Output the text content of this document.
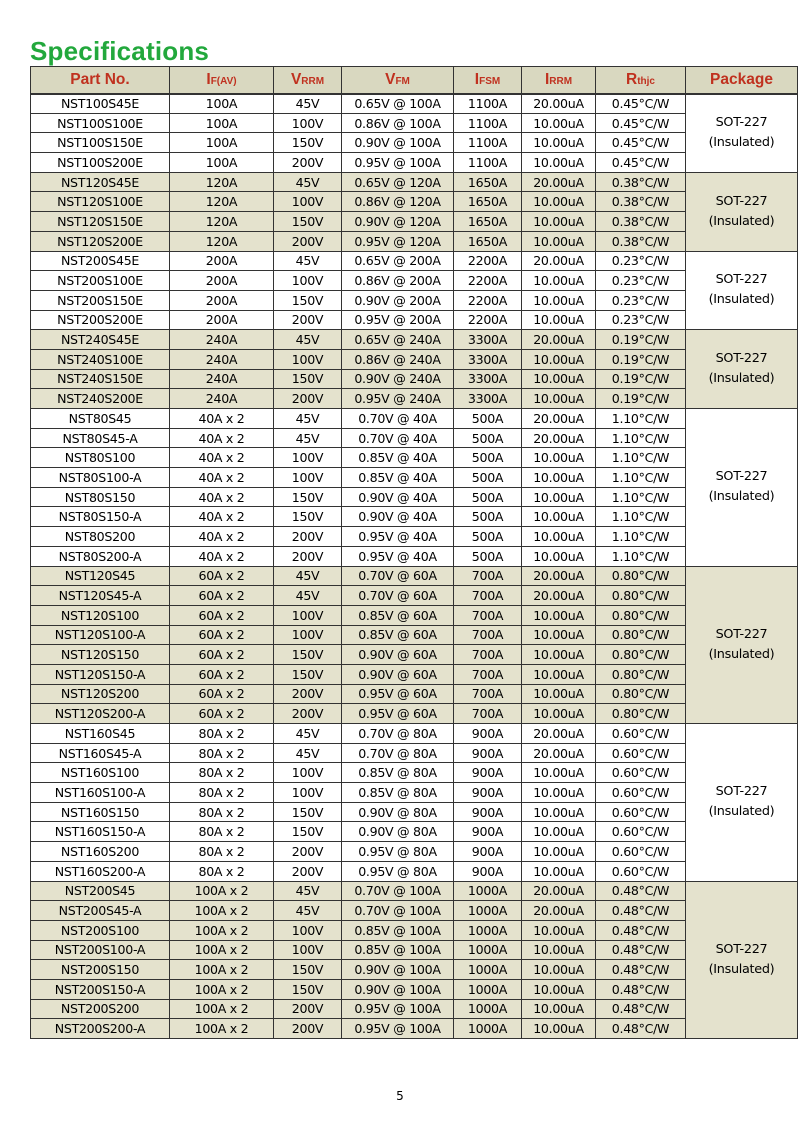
Specifications
Part No.	IF(AV)	VRRM	VFM	IFSM	IRRM	Rthjc	Package
NST100S45E	100A	45V	0.65V @ 100A	1100A	20.00uA	0.45°C/W	SOT-227
(Insulated)
NST100S100E	100A	100V	0.86V @ 100A	1100A	10.00uA	0.45°C/W	
NST100S150E	100A	150V	0.90V @ 100A	1100A	10.00uA	0.45°C/W	
NST100S200E	100A	200V	0.95V @ 100A	1100A	10.00uA	0.45°C/W	
NST120S45E	120A	45V	0.65V @ 120A	1650A	20.00uA	0.38°C/W	SOT-227
(Insulated)
NST120S100E	120A	100V	0.86V @ 120A	1650A	10.00uA	0.38°C/W	
NST120S150E	120A	150V	0.90V @ 120A	1650A	10.00uA	0.38°C/W	
NST120S200E	120A	200V	0.95V @ 120A	1650A	10.00uA	0.38°C/W	
NST200S45E	200A	45V	0.65V @ 200A	2200A	20.00uA	0.23°C/W	SOT-227
(Insulated)
NST200S100E	200A	100V	0.86V @ 200A	2200A	10.00uA	0.23°C/W	
NST200S150E	200A	150V	0.90V @ 200A	2200A	10.00uA	0.23°C/W	
NST200S200E	200A	200V	0.95V @ 200A	2200A	10.00uA	0.23°C/W	
NST240S45E	240A	45V	0.65V @ 240A	3300A	20.00uA	0.19°C/W	SOT-227
(Insulated)
NST240S100E	240A	100V	0.86V @ 240A	3300A	10.00uA	0.19°C/W	
NST240S150E	240A	150V	0.90V @ 240A	3300A	10.00uA	0.19°C/W	
NST240S200E	240A	200V	0.95V @ 240A	3300A	10.00uA	0.19°C/W	
NST80S45	40A x 2	45V	0.70V @ 40A	500A	20.00uA	1.10°C/W	SOT-227
(Insulated)
NST80S45-A	40A x 2	45V	0.70V @ 40A	500A	20.00uA	1.10°C/W	
NST80S100	40A x 2	100V	0.85V @ 40A	500A	10.00uA	1.10°C/W	
NST80S100-A	40A x 2	100V	0.85V @ 40A	500A	10.00uA	1.10°C/W	
NST80S150	40A x 2	150V	0.90V @ 40A	500A	10.00uA	1.10°C/W	
NST80S150-A	40A x 2	150V	0.90V @ 40A	500A	10.00uA	1.10°C/W	
NST80S200	40A x 2	200V	0.95V @ 40A	500A	10.00uA	1.10°C/W	
NST80S200-A	40A x 2	200V	0.95V @ 40A	500A	10.00uA	1.10°C/W	
NST120S45	60A x 2	45V	0.70V @ 60A	700A	20.00uA	0.80°C/W	SOT-227
(Insulated)
NST120S45-A	60A x 2	45V	0.70V @ 60A	700A	20.00uA	0.80°C/W	
NST120S100	60A x 2	100V	0.85V @ 60A	700A	10.00uA	0.80°C/W	
NST120S100-A	60A x 2	100V	0.85V @ 60A	700A	10.00uA	0.80°C/W	
NST120S150	60A x 2	150V	0.90V @ 60A	700A	10.00uA	0.80°C/W	
NST120S150-A	60A x 2	150V	0.90V @ 60A	700A	10.00uA	0.80°C/W	
NST120S200	60A x 2	200V	0.95V @ 60A	700A	10.00uA	0.80°C/W	
NST120S200-A	60A x 2	200V	0.95V @ 60A	700A	10.00uA	0.80°C/W	
NST160S45	80A x 2	45V	0.70V @ 80A	900A	20.00uA	0.60°C/W	SOT-227
(Insulated)
NST160S45-A	80A x 2	45V	0.70V @ 80A	900A	20.00uA	0.60°C/W	
NST160S100	80A x 2	100V	0.85V @ 80A	900A	10.00uA	0.60°C/W	
NST160S100-A	80A x 2	100V	0.85V @ 80A	900A	10.00uA	0.60°C/W	
NST160S150	80A x 2	150V	0.90V @ 80A	900A	10.00uA	0.60°C/W	
NST160S150-A	80A x 2	150V	0.90V @ 80A	900A	10.00uA	0.60°C/W	
NST160S200	80A x 2	200V	0.95V @ 80A	900A	10.00uA	0.60°C/W	
NST160S200-A	80A x 2	200V	0.95V @ 80A	900A	10.00uA	0.60°C/W	
NST200S45	100A x 2	45V	0.70V @ 100A	1000A	20.00uA	0.48°C/W	SOT-227
(Insulated)
NST200S45-A	100A x 2	45V	0.70V @ 100A	1000A	20.00uA	0.48°C/W	
NST200S100	100A x 2	100V	0.85V @ 100A	1000A	10.00uA	0.48°C/W	
NST200S100-A	100A x 2	100V	0.85V @ 100A	1000A	10.00uA	0.48°C/W	
NST200S150	100A x 2	150V	0.90V @ 100A	1000A	10.00uA	0.48°C/W	
NST200S150-A	100A x 2	150V	0.90V @ 100A	1000A	10.00uA	0.48°C/W	
NST200S200	100A x 2	200V	0.95V @ 100A	1000A	10.00uA	0.48°C/W	
NST200S200-A	100A x 2	200V	0.95V @ 100A	1000A	10.00uA	0.48°C/W	
5
